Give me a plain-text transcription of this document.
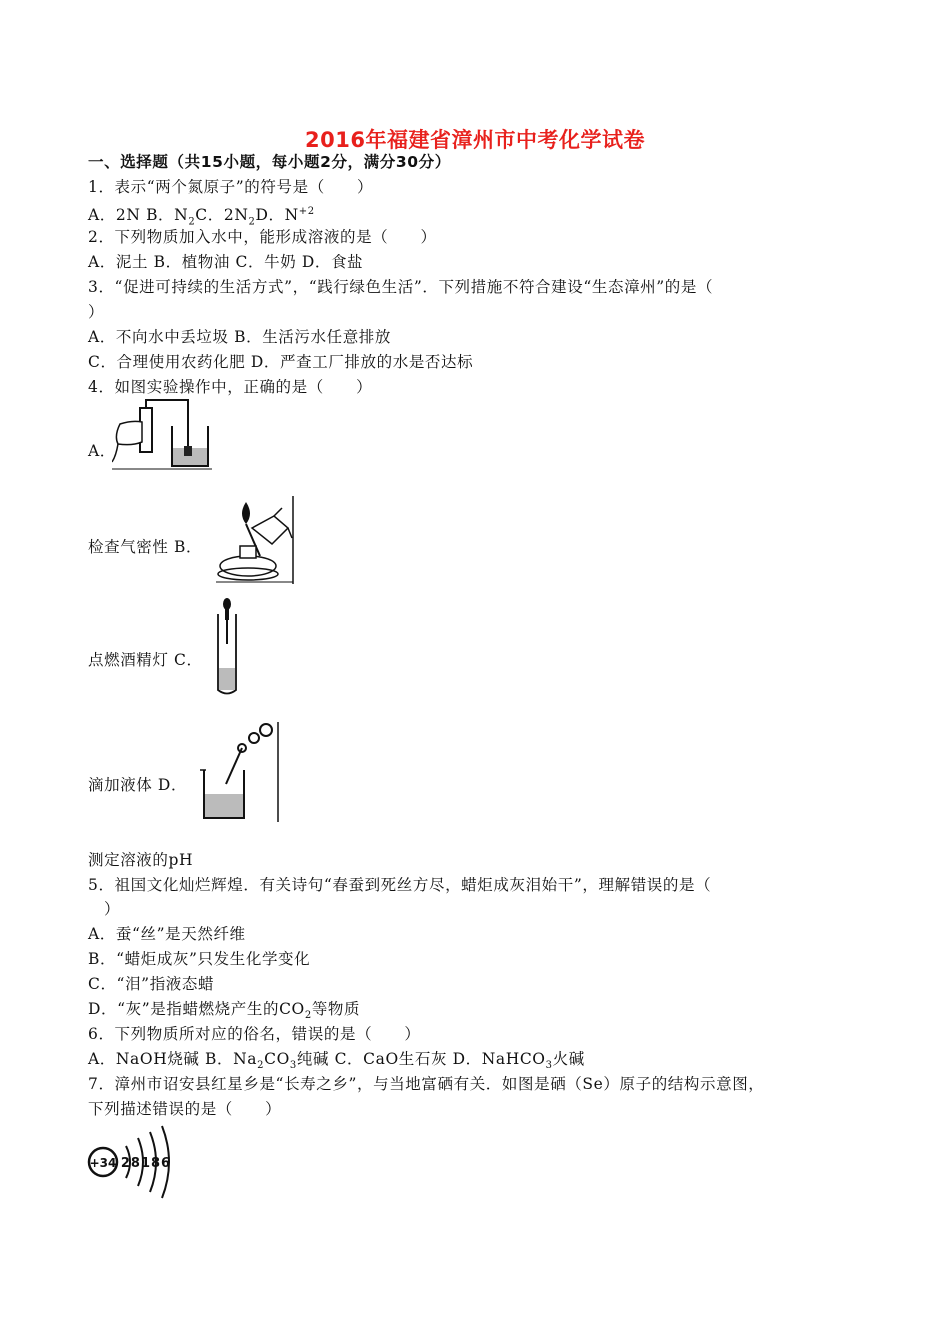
2016年福建省漳州市中考化学试卷
一、选择题（共15小题，每小题2分，满分30分）
1．表示“两个氮原子”的符号是（　　）
A．2N B．$N_2C$．$2N_2D$．$N^{+2}$
2．下列物质加入水中，能形成溶液的是（　　）
A．泥土 B．植物油 C．牛奶 D．食盐
3．“促进可持续的生活方式”，“践行绿色生活”．下列措施不符合建设“生态漳州”的是（
）
A．不向水中丢垃圾 B．生活污水任意排放
C．合理使用农药化肥 D．严查工厂排放的水是否达标
4．如图实验操作中，正确的是（　　）
A．
检查气密性 B．
点燃酒精灯 C．
滴加液体 D．
测定溶液的pH
5．祖国文化灿烂辉煌．有关诗句“春蚕到死丝方尽，蜡炬成灰泪始干”，理解错误的是（
）
A．蚕“丝”是天然纤维
B．“蜡炬成灰”只发生化学变化
C．“泪”指液态蜡
D．“灰”是指蜡燃烧产生的$CO_2$等物质
6．下列物质所对应的俗名，错误的是（　　）
A．NaOH烧碱 B．$Na_2CO_3$纯碱 C．CaO生石灰 D．NaHCO$_3$火碱
7．漳州市诏安县红星乡是“长寿之乡”，与当地富硒有关．如图是硒（Se）原子的结构示意图，
下列描述错误的是（　　）
+34 28186
